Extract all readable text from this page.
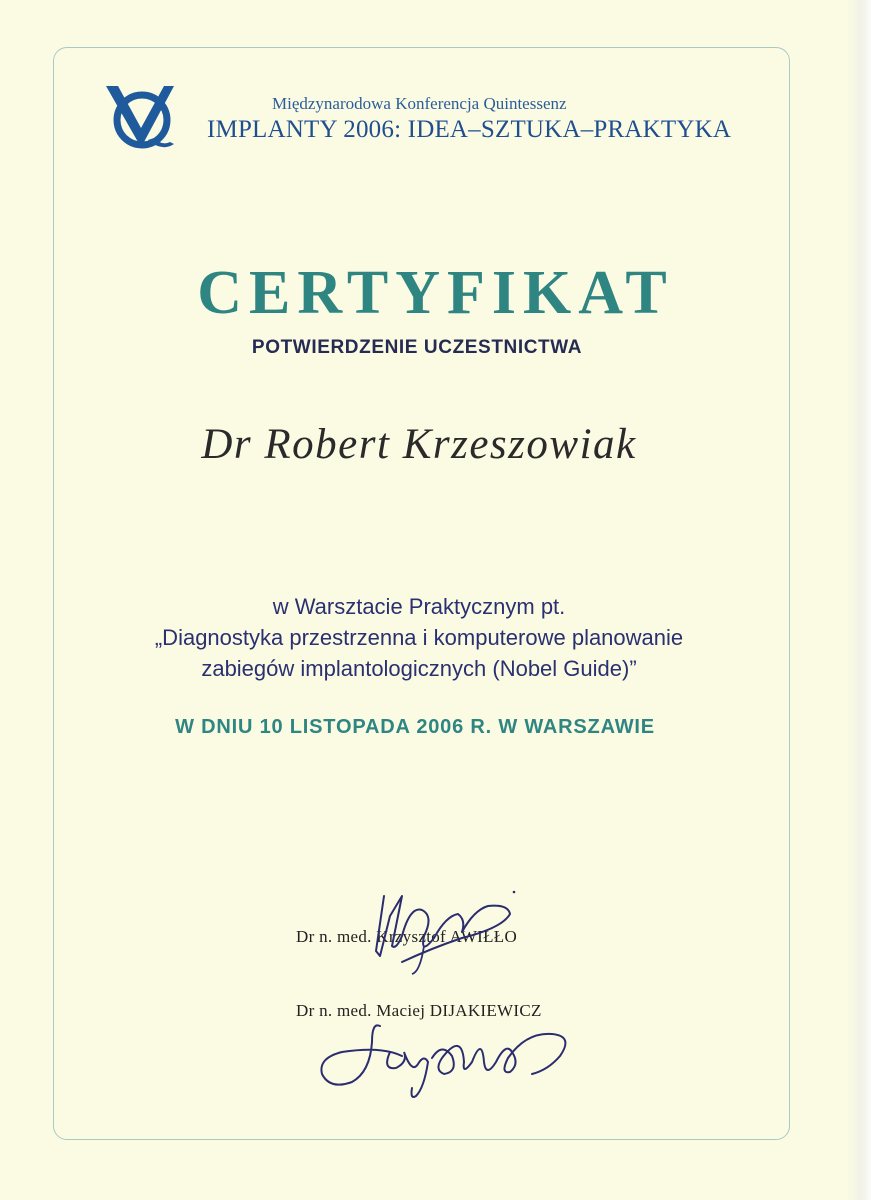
Międzynarodowa Konferencja Quintessenz
IMPLANTY 2006: IDEA–SZTUKA–PRAKTYKA
CERTYFIKAT
POTWIERDZENIE UCZESTNICTWA
Dr Robert Krzeszowiak
w Warsztacie Praktycznym pt.
„Diagnostyka przestrzenna i komputerowe planowanie
zabiegów implantologicznych (Nobel Guide)”
W DNIU 10 LISTOPADA 2006 R. W WARSZAWIE
Dr n. med. Krzysztof AWIŁŁO
Dr n. med. Maciej DIJAKIEWICZ
